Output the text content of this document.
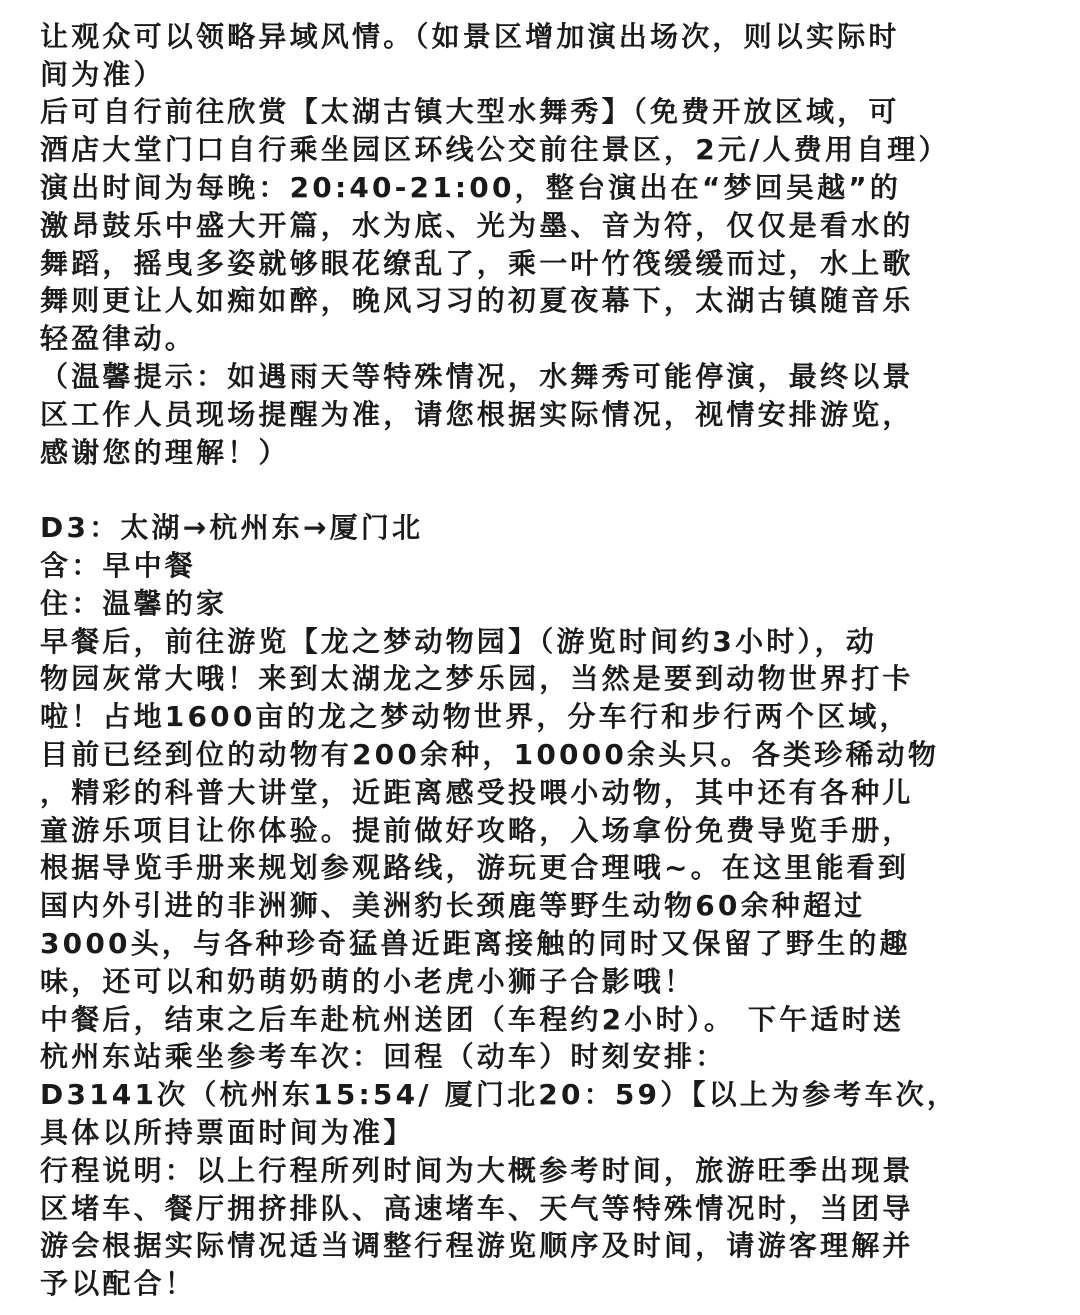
让观众可以领略异域风情。（如景区增加演出场次，则以实际时
间为准）
后可自行前往欣赏【太湖古镇大型水舞秀】（免费开放区域，可
酒店大堂门口自行乘坐园区环线公交前往景区，2元/人费用自理）
演出时间为每晚：20:40-21:00，整台演出在“梦回吴越”的
激昂鼓乐中盛大开篇，水为底、光为墨、音为符，仅仅是看水的
舞蹈，摇曳多姿就够眼花缭乱了，乘一叶竹筏缓缓而过，水上歌
舞则更让人如痴如醉，晚风习习的初夏夜幕下，太湖古镇随音乐
轻盈律动。
（温馨提示：如遇雨天等特殊情况，水舞秀可能停演，最终以景
区工作人员现场提醒为准，请您根据实际情况，视情安排游览，
感谢您的理解！）
D3：太湖→杭州东→厦门北
含：早中餐
住：温馨的家
早餐后，前往游览【龙之梦动物园】（游览时间约3小时），动
物园灰常大哦！来到太湖龙之梦乐园，当然是要到动物世界打卡
啦！占地1600亩的龙之梦动物世界，分车行和步行两个区域，
目前已经到位的动物有200余种，10000余头只。各类珍稀动物
，精彩的科普大讲堂，近距离感受投喂小动物，其中还有各种儿
童游乐项目让你体验。提前做好攻略，入场拿份免费导览手册，
根据导览手册来规划参观路线，游玩更合理哦~。在这里能看到
国内外引进的非洲狮、美洲豹长颈鹿等野生动物60余种超过
3000头，与各种珍奇猛兽近距离接触的同时又保留了野生的趣
味，还可以和奶萌奶萌的小老虎小狮子合影哦！
中餐后，结束之后车赴杭州送团（车程约2小时）。 下午适时送
杭州东站乘坐参考车次：回程（动车）时刻安排：
D3141次（杭州东15:54/ 厦门北20：59）【以上为参考车次，
具体以所持票面时间为准】
行程说明：以上行程所列时间为大概参考时间，旅游旺季出现景
区堵车、餐厅拥挤排队、高速堵车、天气等特殊情况时，当团导
游会根据实际情况适当调整行程游览顺序及时间，请游客理解并
予以配合！
